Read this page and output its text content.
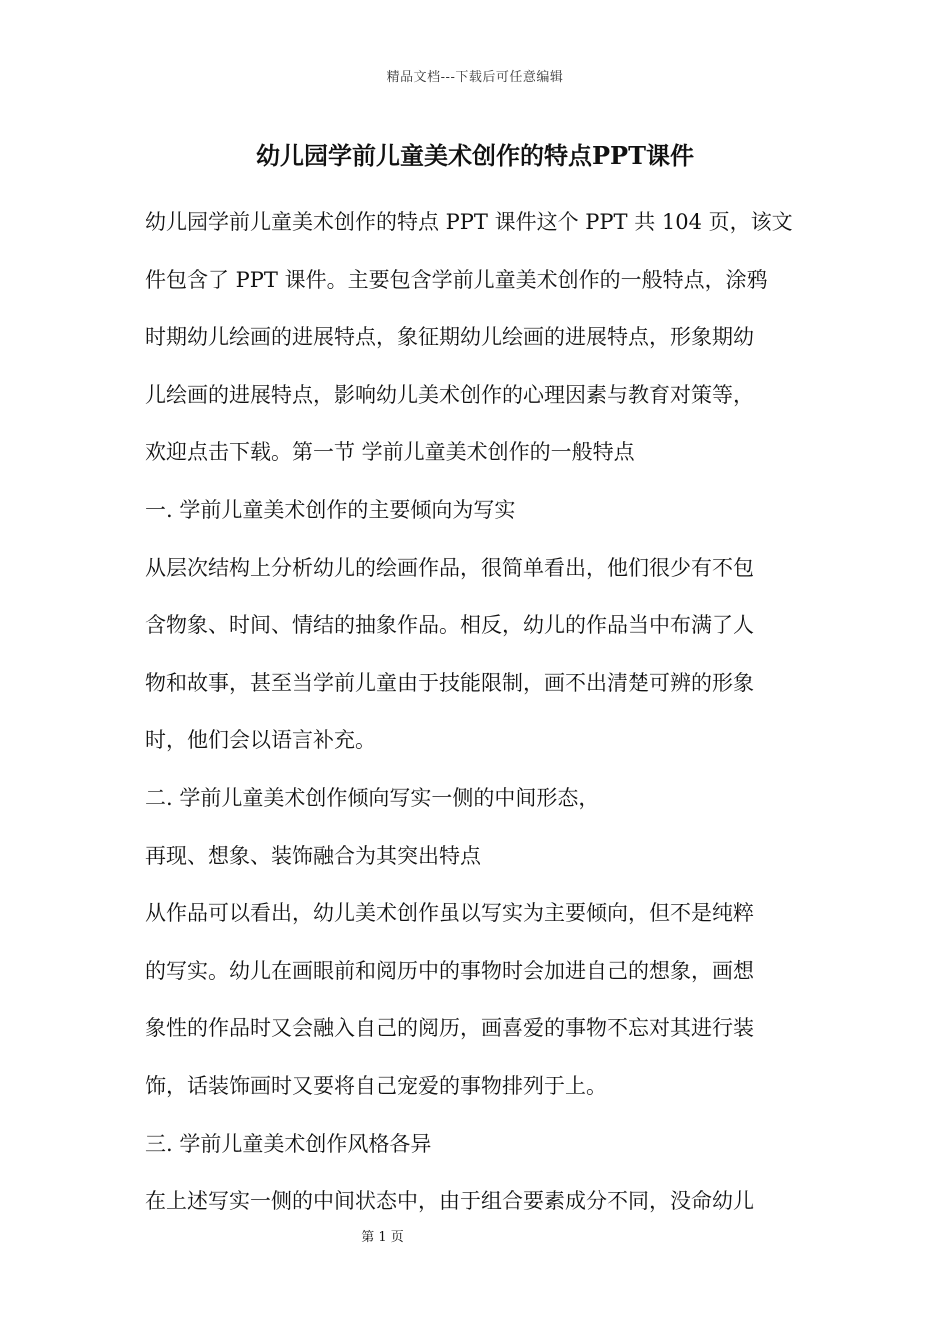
精品文档---下载后可任意编辑
幼儿园学前儿童美术创作的特点PPT课件
幼儿园学前儿童美术创作的特点 PPT 课件这个 PPT 共 104 页，该文
件包含了 PPT 课件。主要包含学前儿童美术创作的一般特点，涂鸦
时期幼儿绘画的进展特点，象征期幼儿绘画的进展特点，形象期幼
儿绘画的进展特点，影响幼儿美术创作的心理因素与教育对策等，
欢迎点击下载。第一节 学前儿童美术创作的一般特点
一. 学前儿童美术创作的主要倾向为写实
从层次结构上分析幼儿的绘画作品，很简单看出，他们很少有不包
含物象、时间、情结的抽象作品。相反，幼儿的作品当中布满了人
物和故事，甚至当学前儿童由于技能限制，画不出清楚可辨的形象
时，他们会以语言补充。
二. 学前儿童美术创作倾向写实一侧的中间形态，
再现、想象、装饰融合为其突出特点
从作品可以看出，幼儿美术创作虽以写实为主要倾向，但不是纯粹
的写实。幼儿在画眼前和阅历中的事物时会加进自己的想象，画想
象性的作品时又会融入自己的阅历，画喜爱的事物不忘对其进行装
饰，话装饰画时又要将自己宠爱的事物排列于上。
三. 学前儿童美术创作风格各异
在上述写实一侧的中间状态中，由于组合要素成分不同，没命幼儿
第 1 页
